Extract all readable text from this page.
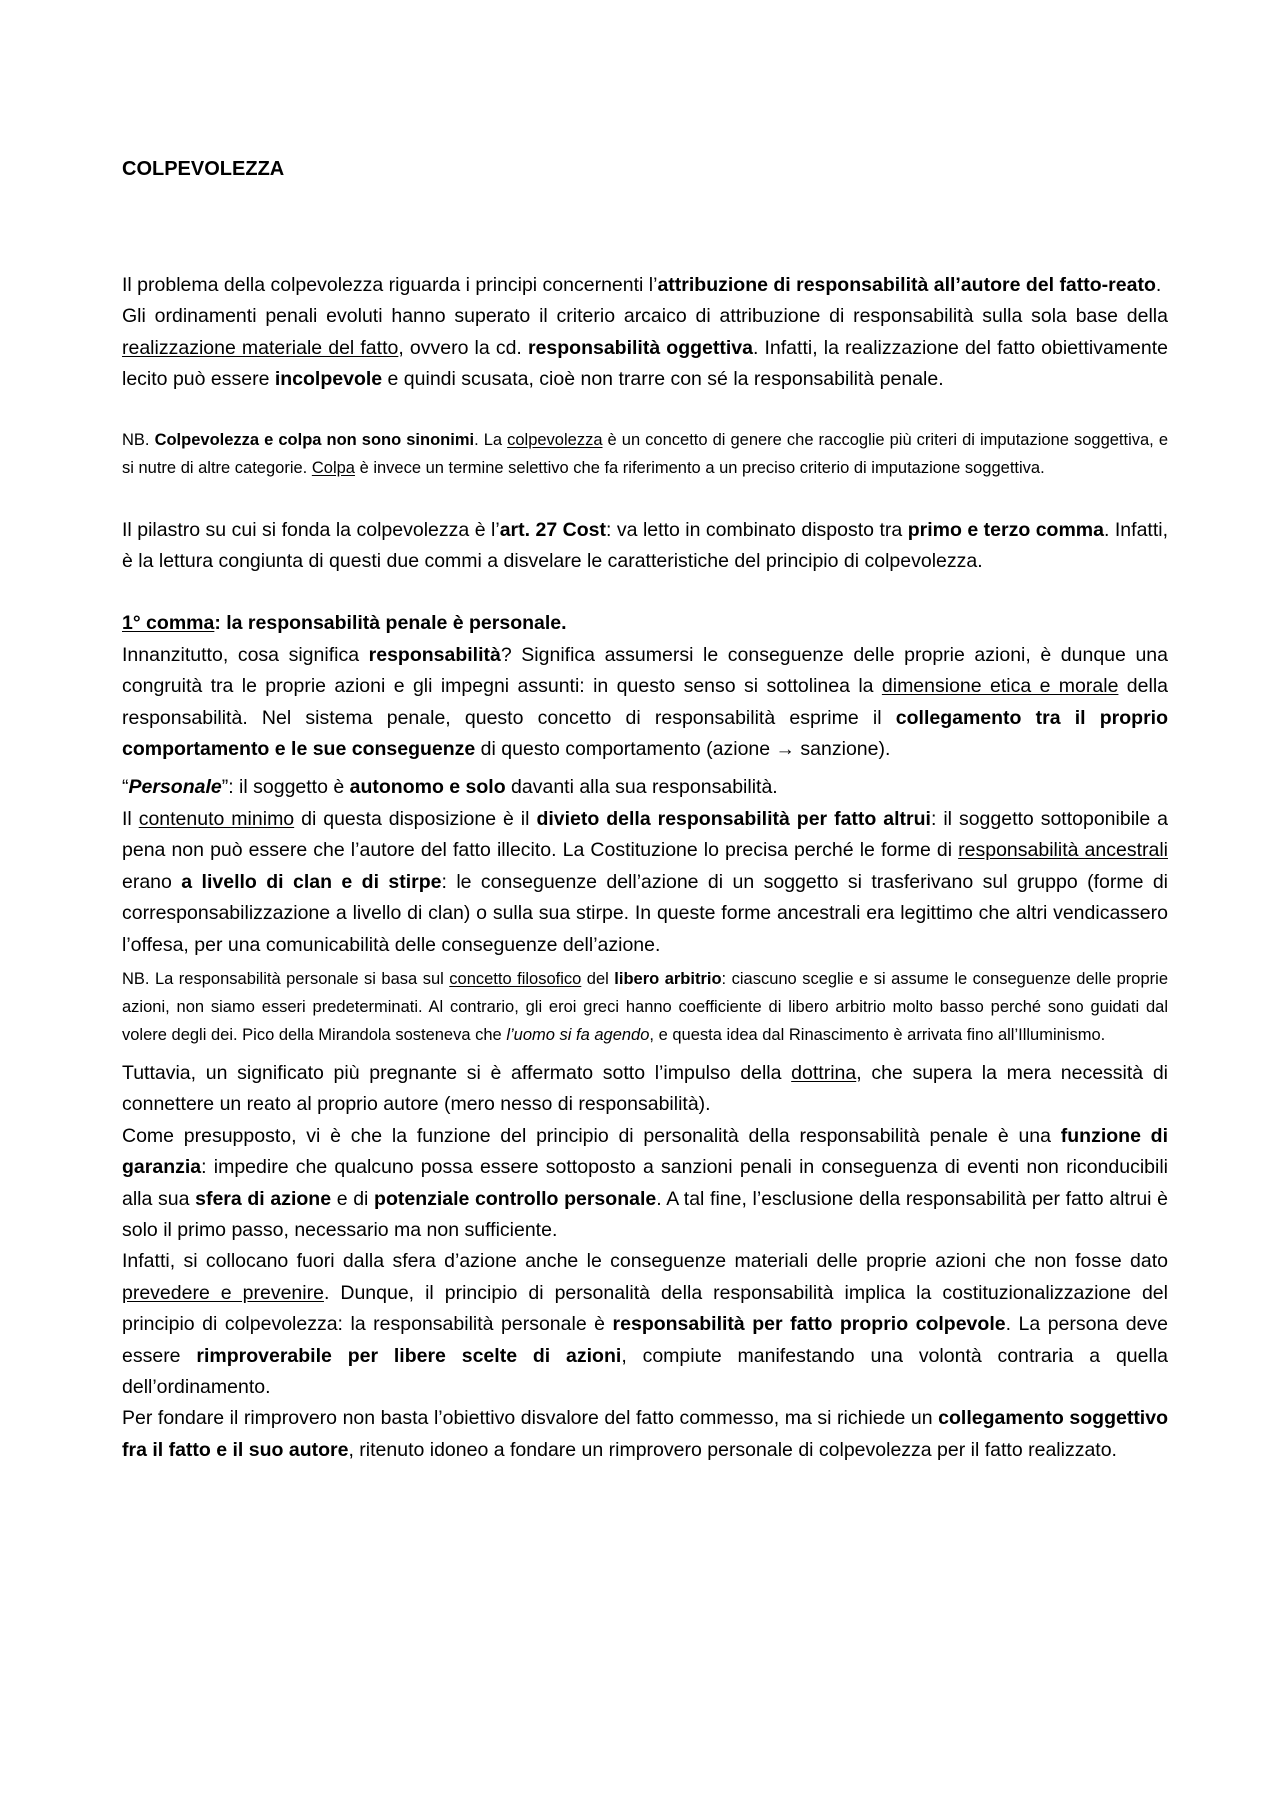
COLPEVOLEZZA

Il problema della colpevolezza riguarda i principi concernenti l’attribuzione di responsabilità all’autore del fatto-reato.

Gli ordinamenti penali evoluti hanno superato il criterio arcaico di attribuzione di responsabilità sulla sola base della realizzazione materiale del fatto, ovvero la cd. responsabilità oggettiva. Infatti, la realizzazione del fatto obiettivamente lecito può essere incolpevole e quindi scusata, cioè non trarre con sé la responsabilità penale.

NB. Colpevolezza e colpa non sono sinonimi. La colpevolezza è un concetto di genere che raccoglie più criteri di imputazione soggettiva, e si nutre di altre categorie. Colpa è invece un termine selettivo che fa riferimento a un preciso criterio di imputazione soggettiva.

Il pilastro su cui si fonda la colpevolezza è l’art. 27 Cost: va letto in combinato disposto tra primo e terzo comma. Infatti, è la lettura congiunta di questi due commi a disvelare le caratteristiche del principio di colpevolezza.

1° comma: la responsabilità penale è personale.

Innanzitutto, cosa significa responsabilità? Significa assumersi le conseguenze delle proprie azioni, è dunque una congruità tra le proprie azioni e gli impegni assunti: in questo senso si sottolinea la dimensione etica e morale della responsabilità. Nel sistema penale, questo concetto di responsabilità esprime il collegamento tra il proprio comportamento e le sue conseguenze di questo comportamento (azione → sanzione).

“Personale”: il soggetto è autonomo e solo davanti alla sua responsabilità.

Il contenuto minimo di questa disposizione è il divieto della responsabilità per fatto altrui: il soggetto sottoponibile a pena non può essere che l’autore del fatto illecito. La Costituzione lo precisa perché le forme di responsabilità ancestrali erano a livello di clan e di stirpe: le conseguenze dell’azione di un soggetto si trasferivano sul gruppo (forme di corresponsabilizzazione a livello di clan) o sulla sua stirpe. In queste forme ancestrali era legittimo che altri vendicassero l’offesa, per una comunicabilità delle conseguenze dell’azione.

NB. La responsabilità personale si basa sul concetto filosofico del libero arbitrio: ciascuno sceglie e si assume le conseguenze delle proprie azioni, non siamo esseri predeterminati. Al contrario, gli eroi greci hanno coefficiente di libero arbitrio molto basso perché sono guidati dal volere degli dei. Pico della Mirandola sosteneva che l’uomo si fa agendo, e questa idea dal Rinascimento è arrivata fino all’Illuminismo.

Tuttavia, un significato più pregnante si è affermato sotto l’impulso della dottrina, che supera la mera necessità di connettere un reato al proprio autore (mero nesso di responsabilità).

Come presupposto, vi è che la funzione del principio di personalità della responsabilità penale è una funzione di garanzia: impedire che qualcuno possa essere sottoposto a sanzioni penali in conseguenza di eventi non riconducibili alla sua sfera di azione e di potenziale controllo personale. A tal fine, l’esclusione della responsabilità per fatto altrui è solo il primo passo, necessario ma non sufficiente.

Infatti, si collocano fuori dalla sfera d’azione anche le conseguenze materiali delle proprie azioni che non fosse dato prevedere e prevenire. Dunque, il principio di personalità della responsabilità implica la costituzionalizzazione del principio di colpevolezza: la responsabilità personale è responsabilità per fatto proprio colpevole. La persona deve essere rimproverabile per libere scelte di azioni, compiute manifestando una volontà contraria a quella dell’ordinamento.

Per fondare il rimprovero non basta l’obiettivo disvalore del fatto commesso, ma si richiede un collegamento soggettivo fra il fatto e il suo autore, ritenuto idoneo a fondare un rimprovero personale di colpevolezza per il fatto realizzato.
